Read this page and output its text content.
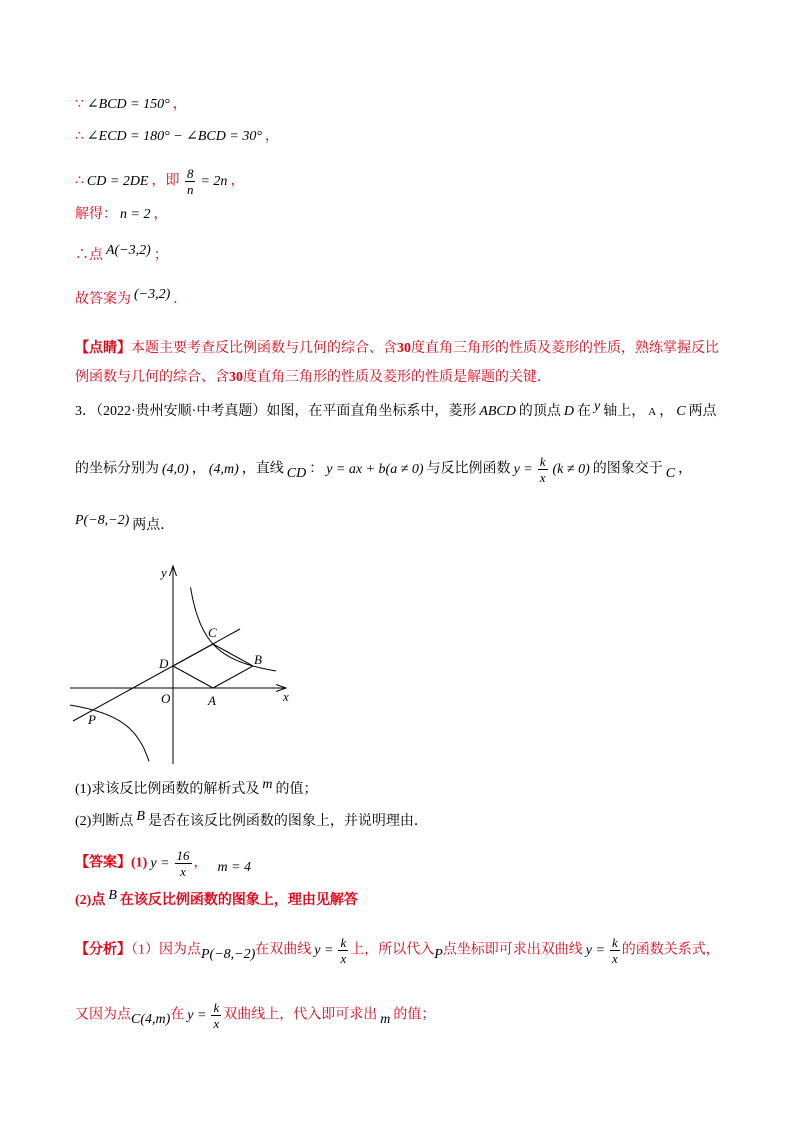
∵ ∠BCD = 150° ，
∴ ∠ECD = 180° − ∠BCD = 30° ，
∴ CD = 2DE ，即 $\frac{8}{n} = 2n$ ，
解得： n = 2 ，
∴点 A(−3,2) ；
故答案为 (−3,2) ．
【点睛】本题主要考查反比例函数与几何的综合、含30度直角三角形的性质及菱形的性质，熟练掌握反比
例函数与几何的综合、含30度直角三角形的性质及菱形的性质是解题的关键．
3．（2022·贵州安顺·中考真题）如图，在平面直角坐标系中，菱形 ABCD 的顶点 D 在 y 轴上， A ， C 两点
的坐标分别为 (4,0) ， (4,m) ，直线 CD ： y = ax + b(a ≠ 0) 与反比例函数 $y = \frac{k}{x} (k \ne 0)$ 的图象交于 C ，
P(−8,−2) 两点．
y
x
O
D
A
C
B
P
(1)求该反比例函数的解析式及 m 的值；
(2)判断点 B 是否在该反比例函数的图象上，并说明理由．
【答案】(1) $y = \frac{16}{x}$ ， m = 4
(2)点 B 在该反比例函数的图象上，理由见解答
【分析】（1）因为点P(−8,−2)在双曲线 $y = \frac{k}{x}$ 上，所以代入P点坐标即可求出双曲线 $y = \frac{k}{x}$ 的函数关系式，
又因为点C(4,m)在 $y = \frac{k}{x}$ 双曲线上，代入即可求出 m 的值；
